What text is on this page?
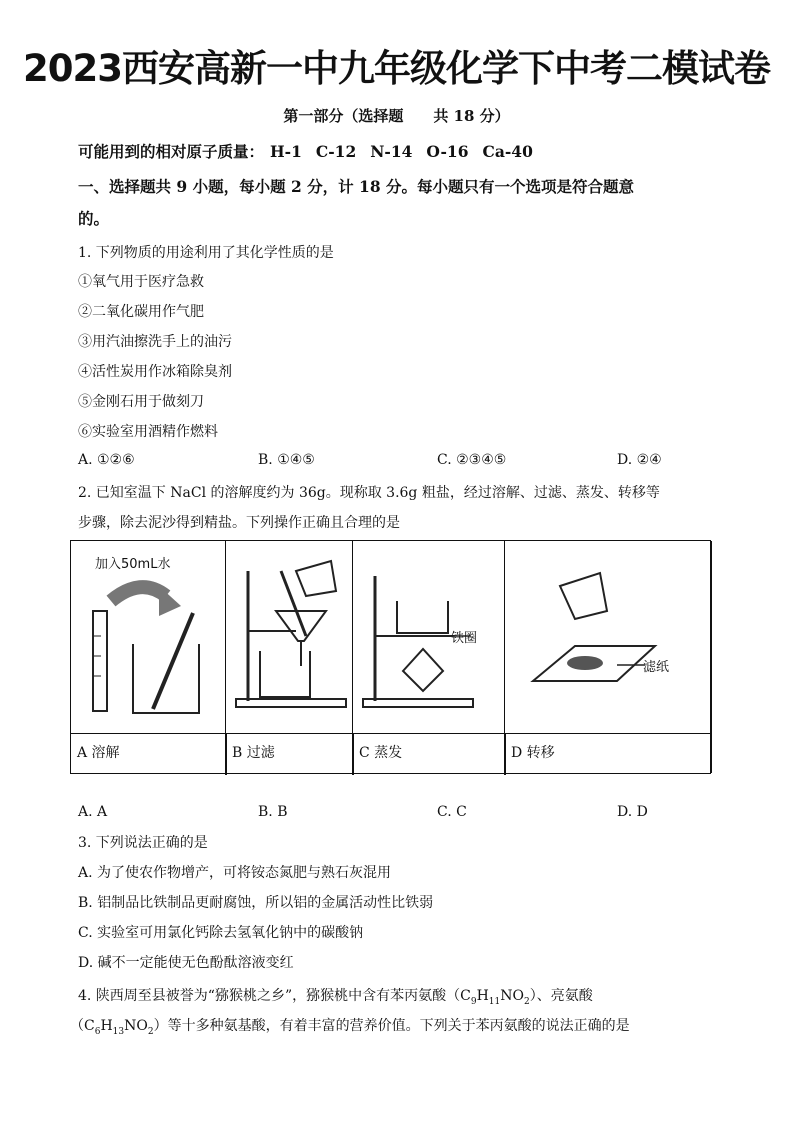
2023西安高新一中九年级化学下中考二模试卷
第一部分（选择题　　共 18 分）
可能用到的相对原子质量： H-1 C-12 N-14 O-16 Ca-40
一、选择题共 9 小题，每小题 2 分，计 18 分。每小题只有一个选项是符合题意
的。
1. 下列物质的用途利用了其化学性质的是
①氧气用于医疗急救
②二氧化碳用作气肥
③用汽油擦洗手上的油污
④活性炭用作冰箱除臭剂
⑤金刚石用于做刻刀
⑥实验室用酒精作燃料
A. ①②⑥	B. ①④⑤	C. ②③④⑤	D. ②④
2. 已知室温下 NaCl 的溶解度约为 36g。现称取 3.6g 粗盐，经过溶解、过滤、蒸发、转移等
步骤，除去泥沙得到精盐。下列操作正确且合理的是
加入50mL水
铁圈
滤纸
A 溶解	B 过滤	C 蒸发	D 转移
A. A	B. B	C. C	D. D
3. 下列说法正确的是
A. 为了使农作物增产，可将铵态氮肥与熟石灰混用
B. 铝制品比铁制品更耐腐蚀，所以铝的金属活动性比铁弱
C. 实验室可用氯化钙除去氢氧化钠中的碳酸钠
D. 碱不一定能使无色酚酞溶液变红
4. 陕西周至县被誉为“猕猴桃之乡”，猕猴桃中含有苯丙氨酸$(C_9H_{11}NO_2)$、亮氨酸
$(C_6H_{13}NO_2)$等十多种氨基酸，有着丰富的营养价值。下列关于苯丙氨酸的说法正确的是
